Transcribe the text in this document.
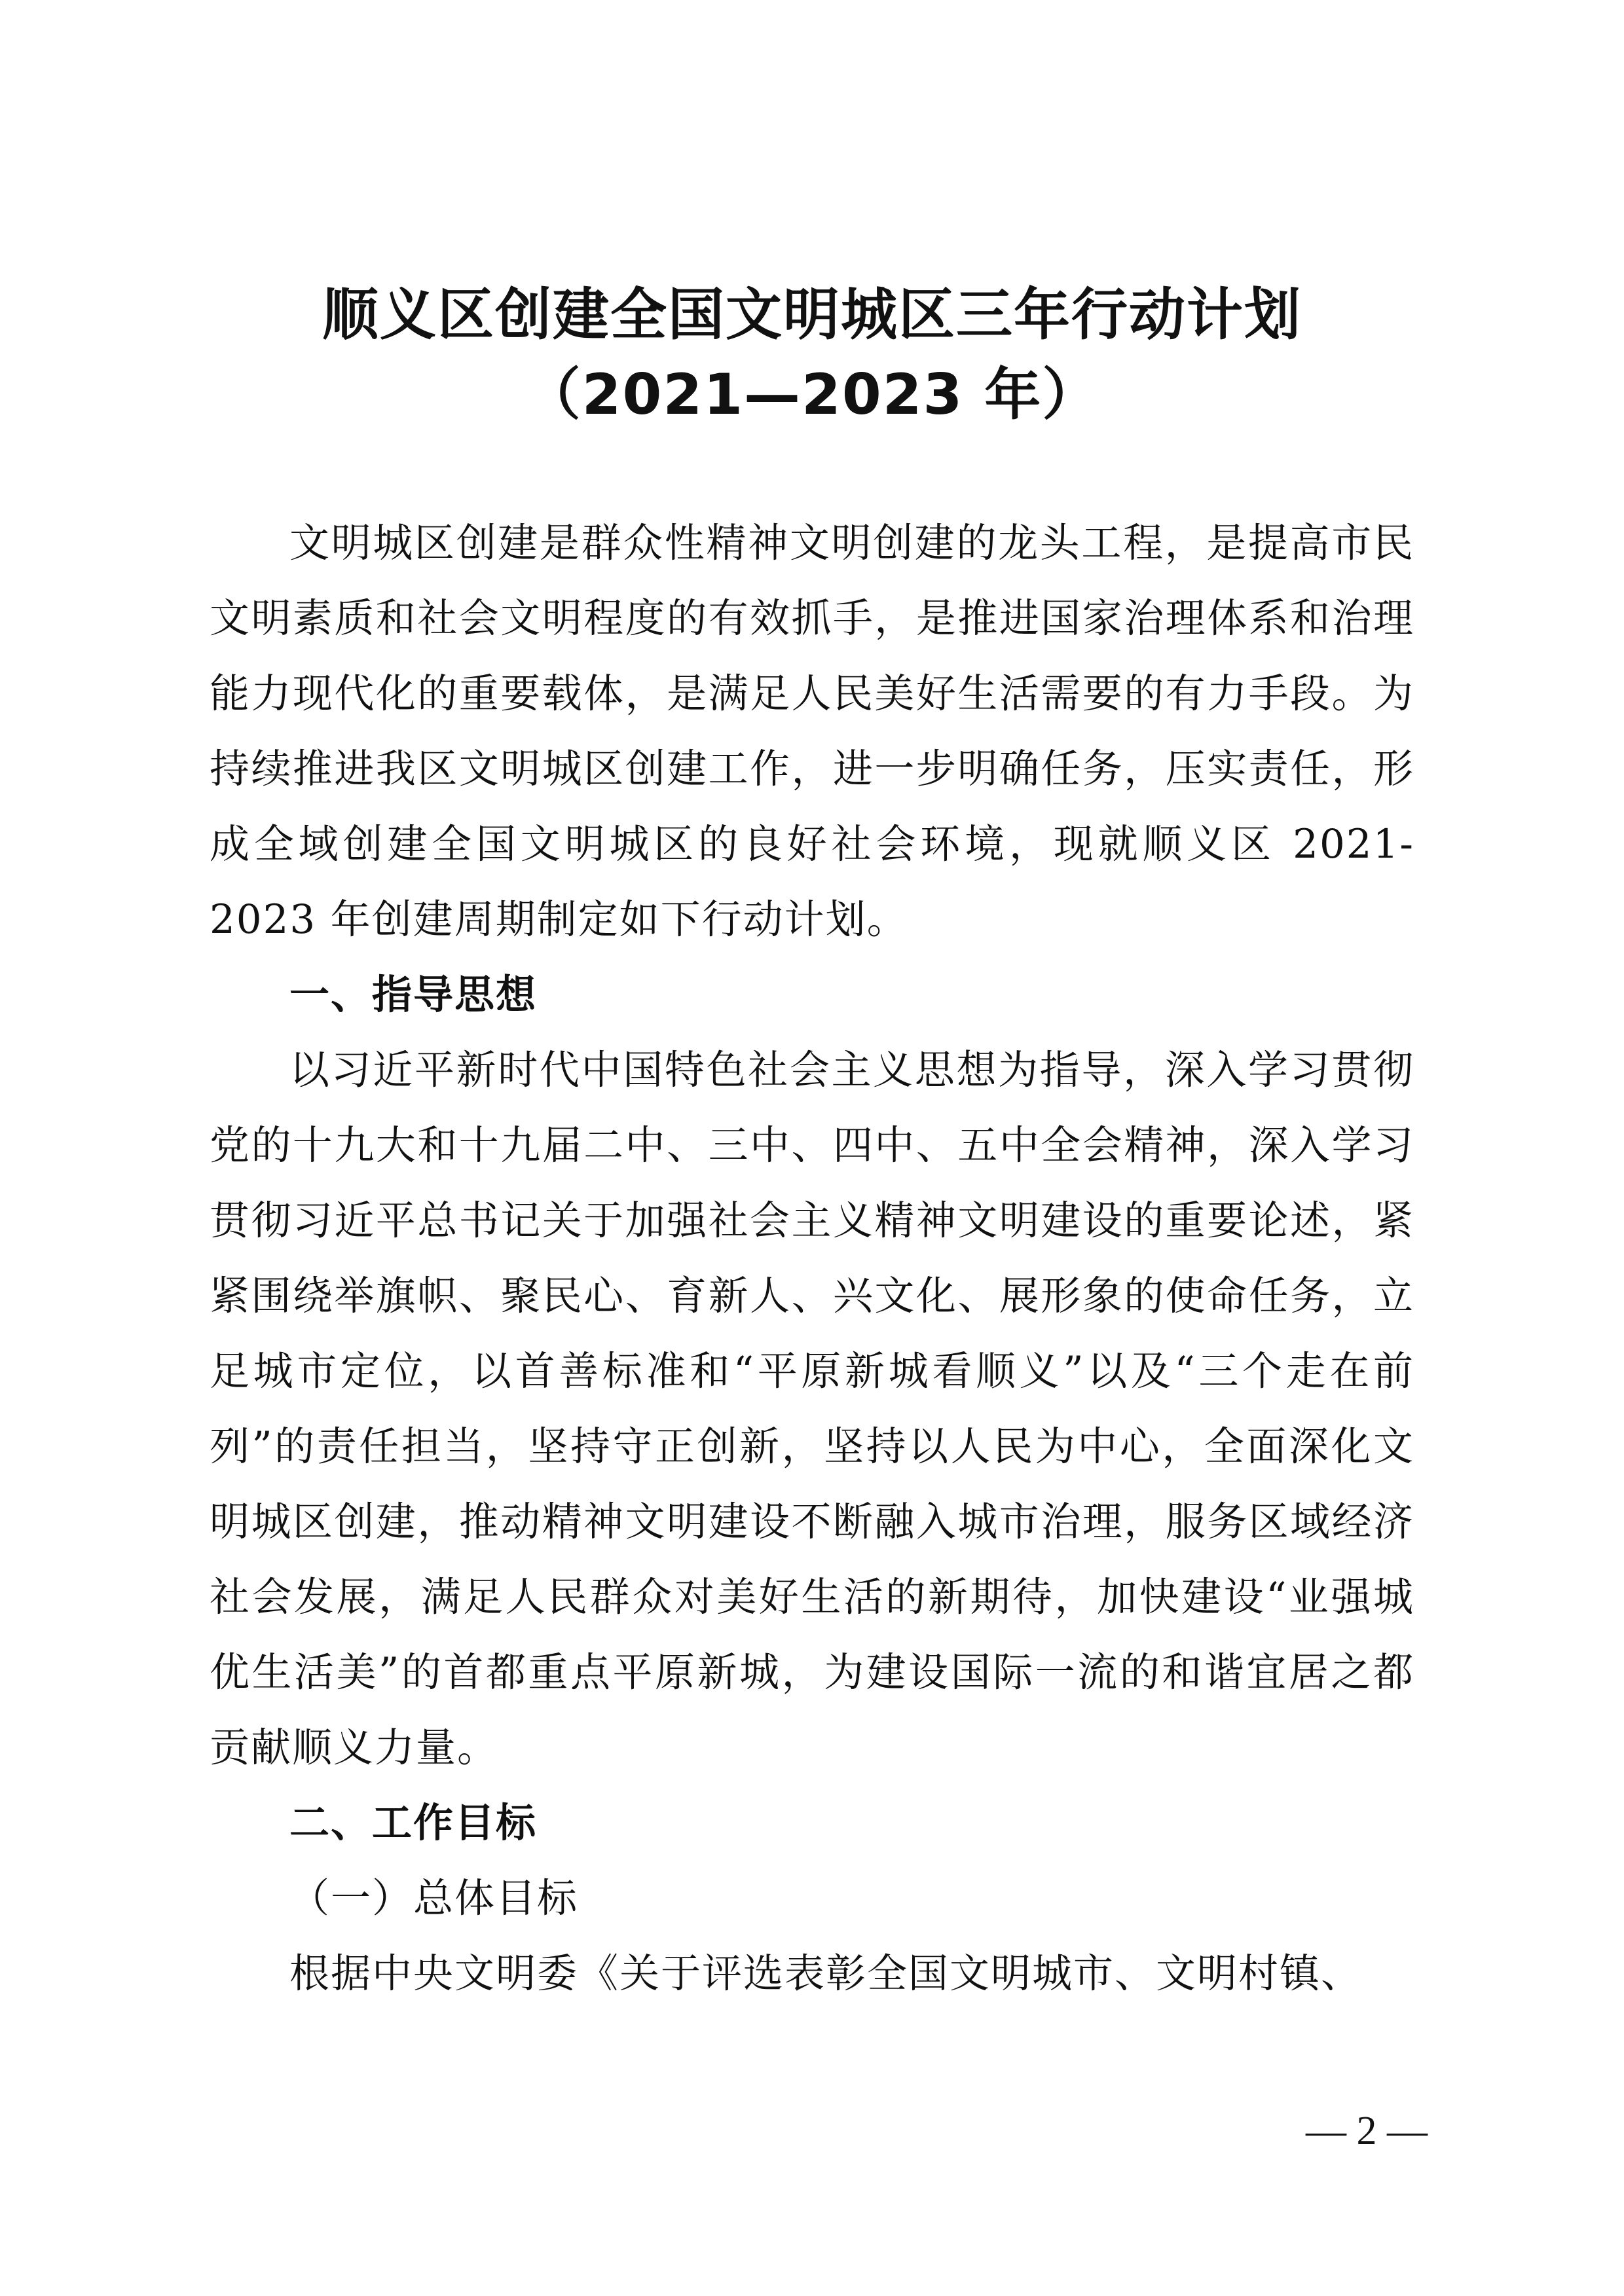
顺义区创建全国文明城区三年行动计划
（2021—2023 年）

文明城区创建是群众性精神文明创建的龙头工程，是提高市民文明素质和社会文明程度的有效抓手，是推进国家治理体系和治理能力现代化的重要载体，是满足人民美好生活需要的有力手段。为持续推进我区文明城区创建工作，进一步明确任务，压实责任，形成全域创建全国文明城区的良好社会环境，现就顺义区 2021-2023 年创建周期制定如下行动计划。

一、指导思想

以习近平新时代中国特色社会主义思想为指导，深入学习贯彻党的十九大和十九届二中、三中、四中、五中全会精神，深入学习贯彻习近平总书记关于加强社会主义精神文明建设的重要论述，紧紧围绕举旗帜、聚民心、育新人、兴文化、展形象的使命任务，立足城市定位，以首善标准和“平原新城看顺义”以及“三个走在前列”的责任担当，坚持守正创新，坚持以人民为中心，全面深化文明城区创建，推动精神文明建设不断融入城市治理，服务区域经济社会发展，满足人民群众对美好生活的新期待，加快建设“业强城优生活美”的首都重点平原新城，为建设国际一流的和谐宜居之都贡献顺义力量。

二、工作目标

（一）总体目标

根据中央文明委《关于评选表彰全国文明城市、文明村镇、

— 2 —
